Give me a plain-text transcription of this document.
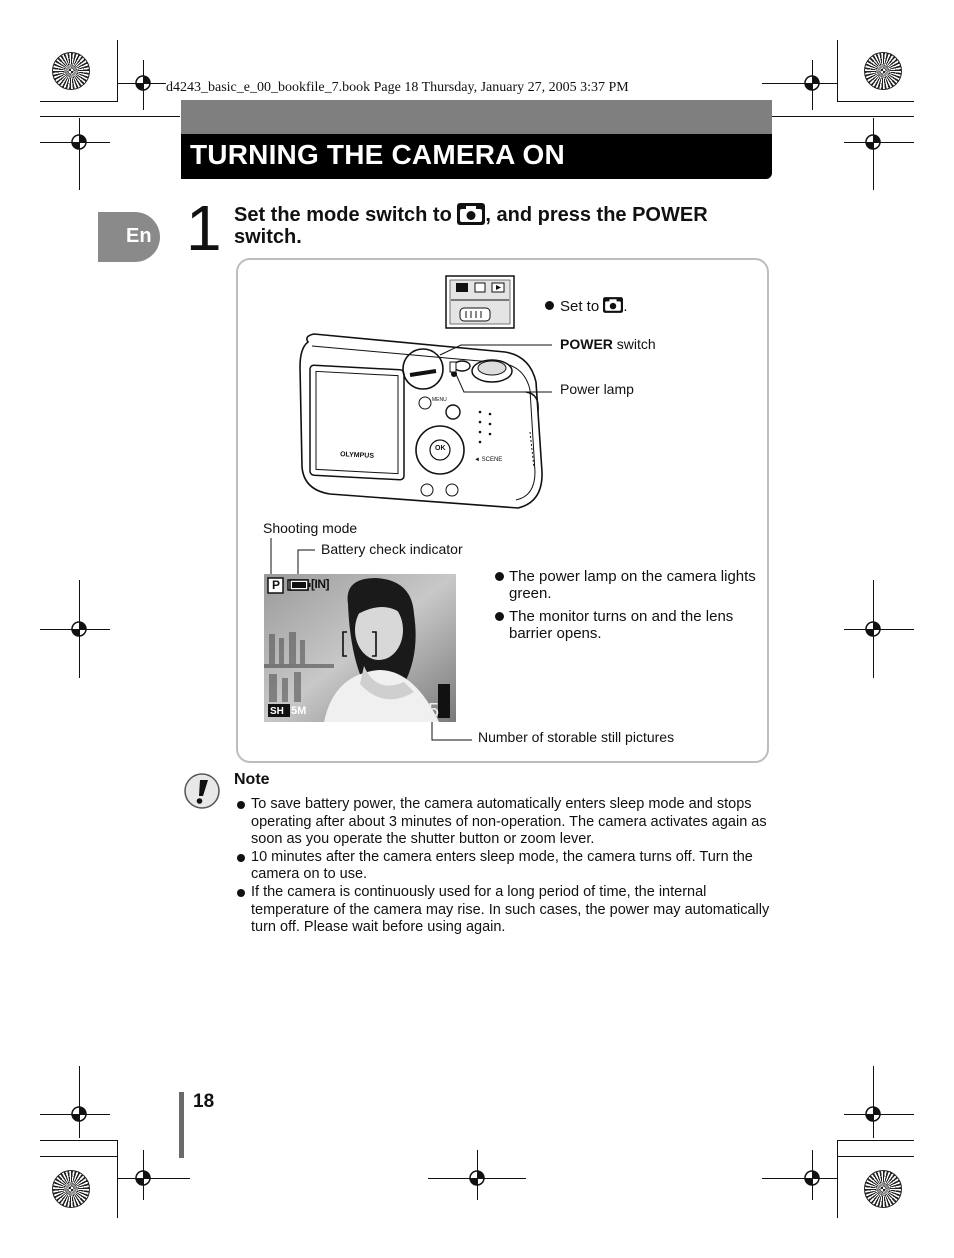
d4243_basic_e_00_bookfile_7.book Page 18 Thursday, January 27, 2005 3:37 PM
TURNING THE CAMERA ON
En 1 Set the mode switch to , and press the POWER switch.
OLYMPUS
MENU
OK
◄ SCENE
Set to .
POWER switch
Power lamp
Shooting mode
Battery check indicator
P	[IN]
SH 5M	5
Number of storable still pictures
The power lamp on the camera lights green.
The monitor turns on and the lens barrier opens.
Note
To save battery power, the camera automatically enters sleep mode and stops operating after about 3 minutes of non-operation. The camera activates again as soon as you operate the shutter button or zoom lever.
10 minutes after the camera enters sleep mode, the camera turns off. Turn the camera on to use.
If the camera is continuously used for a long period of time, the internal temperature of the camera may rise. In such cases, the power may automatically turn off. Please wait before using again.
18
